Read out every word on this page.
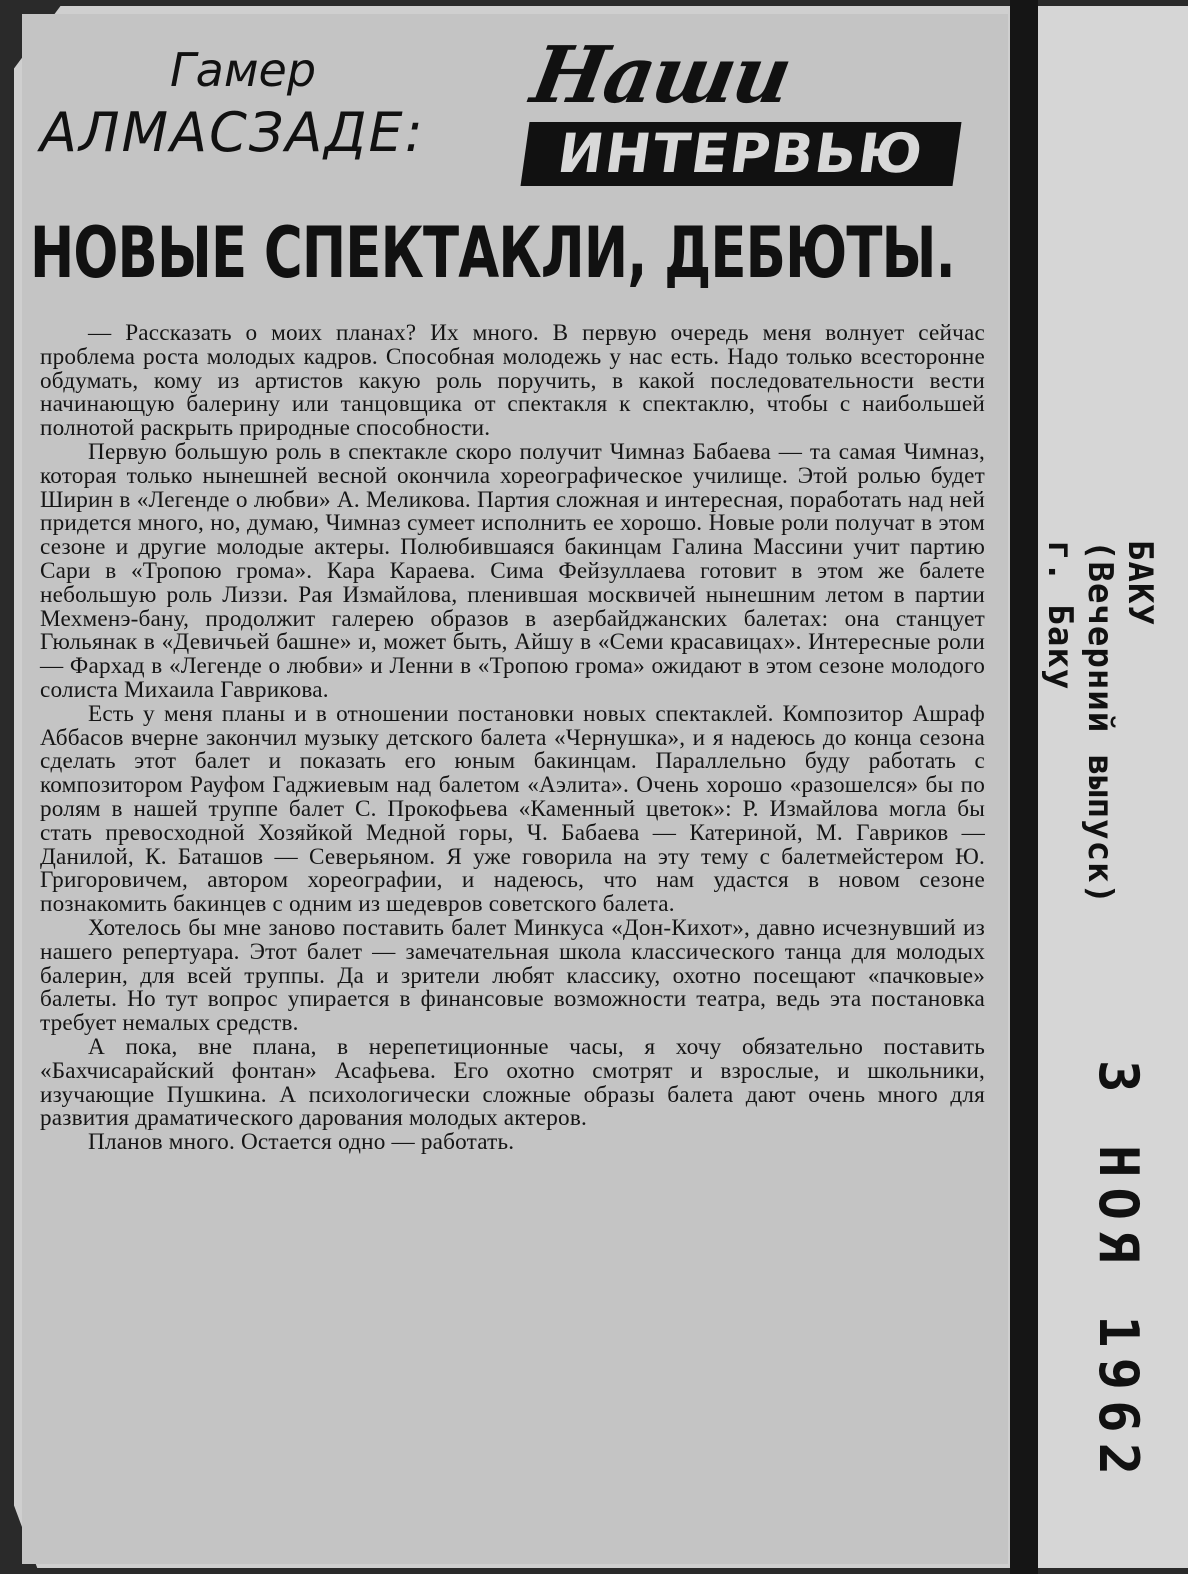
Гамер
АЛМАСЗАДЕ:
Наши
ИНТЕРВЬЮ
НОВЫЕ СПЕКТАКЛИ, ДЕБЮТЫ.

— Рассказать о моих планах? Их много. В первую очередь меня волнует сейчас проблема роста молодых кадров. Способная молодежь у нас есть. Надо только всесторонне обдумать, кому из артистов какую роль поручить, в какой последовательности вести начинающую балерину или танцовщика от спектакля к спектаклю, чтобы с наибольшей полнотой раскрыть природные способности.

Первую большую роль в спектакле скоро получит Чимназ Бабаева — та самая Чимназ, которая только нынешней весной окончила хореографическое училище. Этой ролью будет Ширин в «Легенде о любви» А. Меликова. Партия сложная и интересная, поработать над ней придется много, но, думаю, Чимназ сумеет исполнить ее хорошо. Новые роли получат в этом сезоне и другие молодые актеры. Полюбившаяся бакинцам Галина Массини учит партию Сари в «Тропою грома». Кара Караева. Сима Фейзуллаева готовит в этом же балете небольшую роль Лиззи. Рая Измайлова, пленившая москвичей нынешним летом в партии Мехменэ-бану, продолжит галерею образов в азербайджанских балетах: она станцует Гюльянак в «Девичьей башне» и, может быть, Айшу в «Семи красавицах». Интересные роли — Фархад в «Легенде о любви» и Ленни в «Тропою грома» ожидают в этом сезоне молодого солиста Михаила Гаврикова.

Есть у меня планы и в отношении постановки новых спектаклей. Композитор Ашраф Аббасов вчерне закончил музыку детского балета «Чернушка», и я надеюсь до конца сезона сделать этот балет и показать его юным бакинцам. Параллельно буду работать с композитором Рауфом Гаджиевым над балетом «Аэлита». Очень хорошо «разошелся» бы по ролям в нашей труппе балет С. Прокофьева «Каменный цветок»: Р. Измайлова могла бы стать превосходной Хозяйкой Медной горы, Ч. Бабаева — Катериной, М. Гавриков — Данилой, К. Баташов — Северьяном. Я уже говорила на эту тему с балетмейстером Ю. Григоровичем, автором хореографии, и надеюсь, что нам удастся в новом сезоне познакомить бакинцев с одним из шедевров советского балета.

Хотелось бы мне заново поставить балет Минкуса «Дон-Кихот», давно исчезнувший из нашего репертуара. Этот балет — замечательная школа классического танца для молодых балерин, для всей труппы. Да и зрители любят классику, охотно посещают «пачковые» балеты. Но тут вопрос упирается в финансовые возможности театра, ведь эта постановка требует немалых средств.

А пока, вне плана, в нерепетиционные часы, я хочу обязательно поставить «Бахчисарайский фонтан» Асафьева. Его охотно смотрят и взрослые, и школьники, изучающие Пушкина. А психологически сложные образы балета дают очень много для развития драматического дарования молодых актеров.

Планов много. Остается одно — работать.

БАКУ
(Вечерний выпуск)
г. Баку
3 НОЯ 1962
